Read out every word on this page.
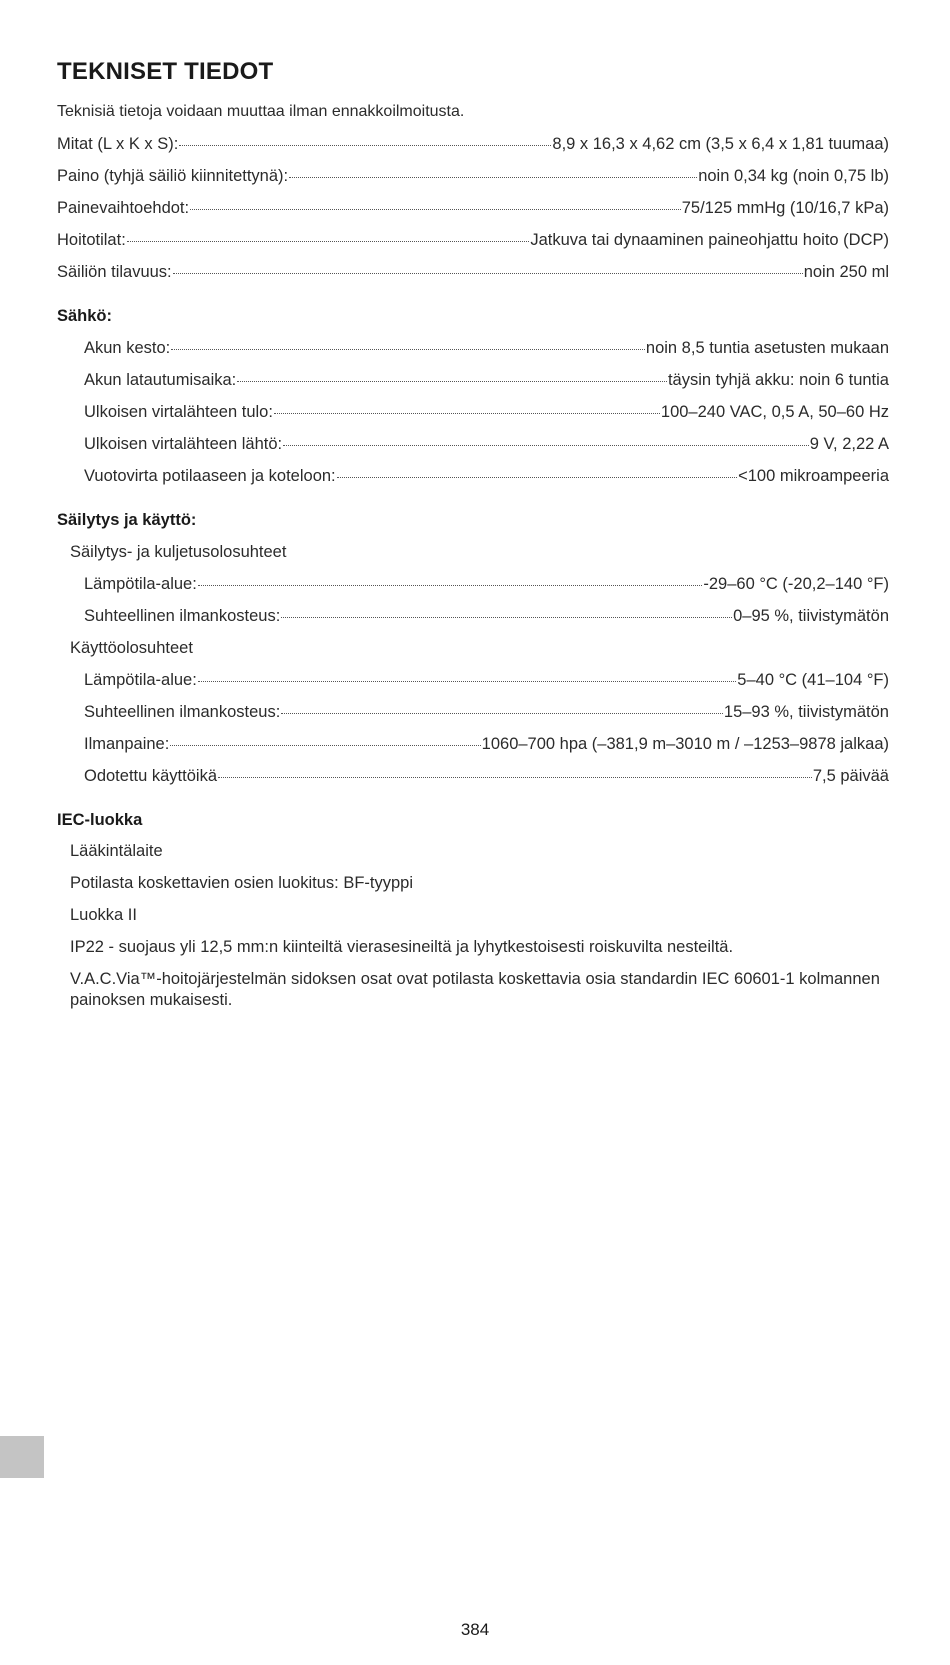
TEKNISET TIEDOT
Teknisiä tietoja voidaan muuttaa ilman ennakkoilmoitusta.
Mitat (L x K x S):	8,9 x 16,3 x 4,62 cm (3,5 x 6,4 x 1,81 tuumaa)
Paino (tyhjä säiliö kiinnitettynä):	noin 0,34 kg (noin 0,75 lb)
Painevaihtoehdot:	75/125 mmHg (10/16,7 kPa)
Hoitotilat:	Jatkuva tai dynaaminen paineohjattu hoito (DCP)
Säiliön tilavuus:	noin 250 ml
Sähkö:
Akun kesto:	noin 8,5 tuntia asetusten mukaan
Akun latautumisaika:	täysin tyhjä akku: noin 6 tuntia
Ulkoisen virtalähteen tulo:	100–240 VAC, 0,5 A, 50–60 Hz
Ulkoisen virtalähteen lähtö:	9 V, 2,22 A
Vuotovirta potilaaseen ja koteloon:	<100 mikroampeeria
Säilytys ja käyttö:
Säilytys- ja kuljetusolosuhteet
Lämpötila-alue:	-29–60 °C (-20,2–140 °F)
Suhteellinen ilmankosteus:	0–95 %, tiivistymätön
Käyttöolosuhteet
Lämpötila-alue:	5–40 °C (41–104 °F)
Suhteellinen ilmankosteus:	15–93 %, tiivistymätön
Ilmanpaine:	1060–700 hpa (–381,9 m–3010 m / –1253–9878 jalkaa)
Odotettu käyttöikä	7,5 päivää
IEC-luokka
Lääkintälaite
Potilasta koskettavien osien luokitus: BF-tyyppi
Luokka II
IP22 - suojaus yli 12,5 mm:n kiinteiltä vierasesineiltä ja lyhytkestoisesti roiskuvilta nesteiltä.
V.A.C.Via™-hoitojärjestelmän sidoksen osat ovat potilasta koskettavia osia standardin IEC 60601-1 kolmannen painoksen mukaisesti.
384
